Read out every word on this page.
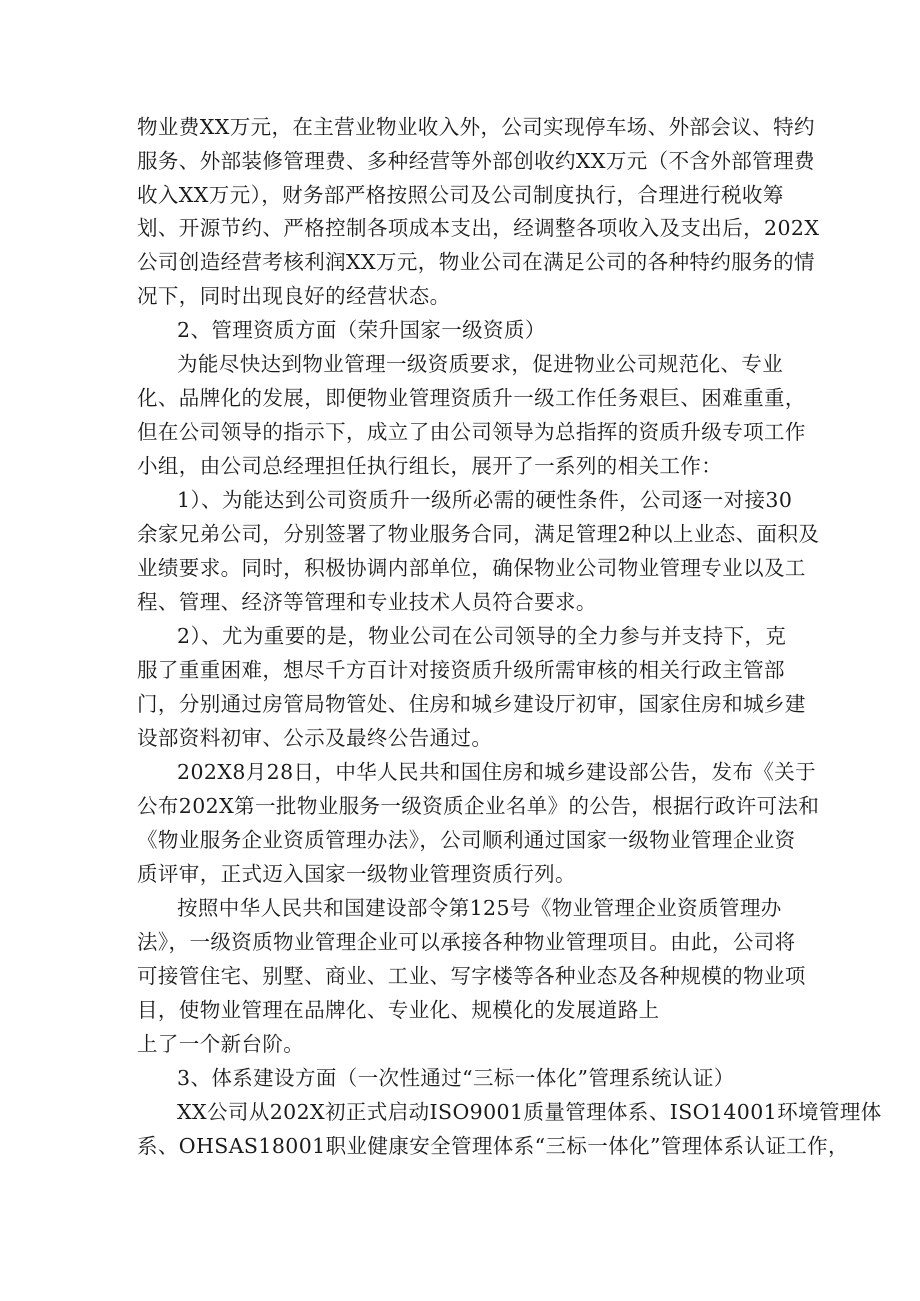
物业费XX万元，在主营业物业收入外，公司实现停车场、外部会议、特约
服务、外部装修管理费、多种经营等外部创收约XX万元（不含外部管理费
收入XX万元），财务部严格按照公司及公司制度执行，合理进行税收筹
划、开源节约、严格控制各项成本支出，经调整各项收入及支出后，202X
公司创造经营考核利润XX万元，物业公司在满足公司的各种特约服务的情
况下，同时出现良好的经营状态。
2、管理资质方面（荣升国家一级资质）
为能尽快达到物业管理一级资质要求，促进物业公司规范化、专业
化、品牌化的发展，即便物业管理资质升一级工作任务艰巨、困难重重，
但在公司领导的指示下，成立了由公司领导为总指挥的资质升级专项工作
小组，由公司总经理担任执行组长，展开了一系列的相关工作：
1）、为能达到公司资质升一级所必需的硬性条件，公司逐一对接30
余家兄弟公司，分别签署了物业服务合同，满足管理2种以上业态、面积及
业绩要求。同时，积极协调内部单位，确保物业公司物业管理专业以及工
程、管理、经济等管理和专业技术人员符合要求。
2）、尤为重要的是，物业公司在公司领导的全力参与并支持下，克
服了重重困难，想尽千方百计对接资质升级所需审核的相关行政主管部
门，分别通过房管局物管处、住房和城乡建设厅初审，国家住房和城乡建
设部资料初审、公示及最终公告通过。
202X8月28日，中华人民共和国住房和城乡建设部公告，发布《关于
公布202X第一批物业服务一级资质企业名单》的公告，根据行政许可法和
《物业服务企业资质管理办法》，公司顺利通过国家一级物业管理企业资
质评审，正式迈入国家一级物业管理资质行列。
按照中华人民共和国建设部令第125号《物业管理企业资质管理办
法》，一级资质物业管理企业可以承接各种物业管理项目。由此，公司将
可接管住宅、别墅、商业、工业、写字楼等各种业态及各种规模的物业项
目，使物业管理在品牌化、专业化、规模化的发展道路上
上了一个新台阶。
3、体系建设方面（一次性通过“三标一体化”管理系统认证）
XX公司从202X初正式启动ISO9001质量管理体系、ISO14001环境管理体
系、OHSAS18001职业健康安全管理体系“三标一体化”管理体系认证工作，
